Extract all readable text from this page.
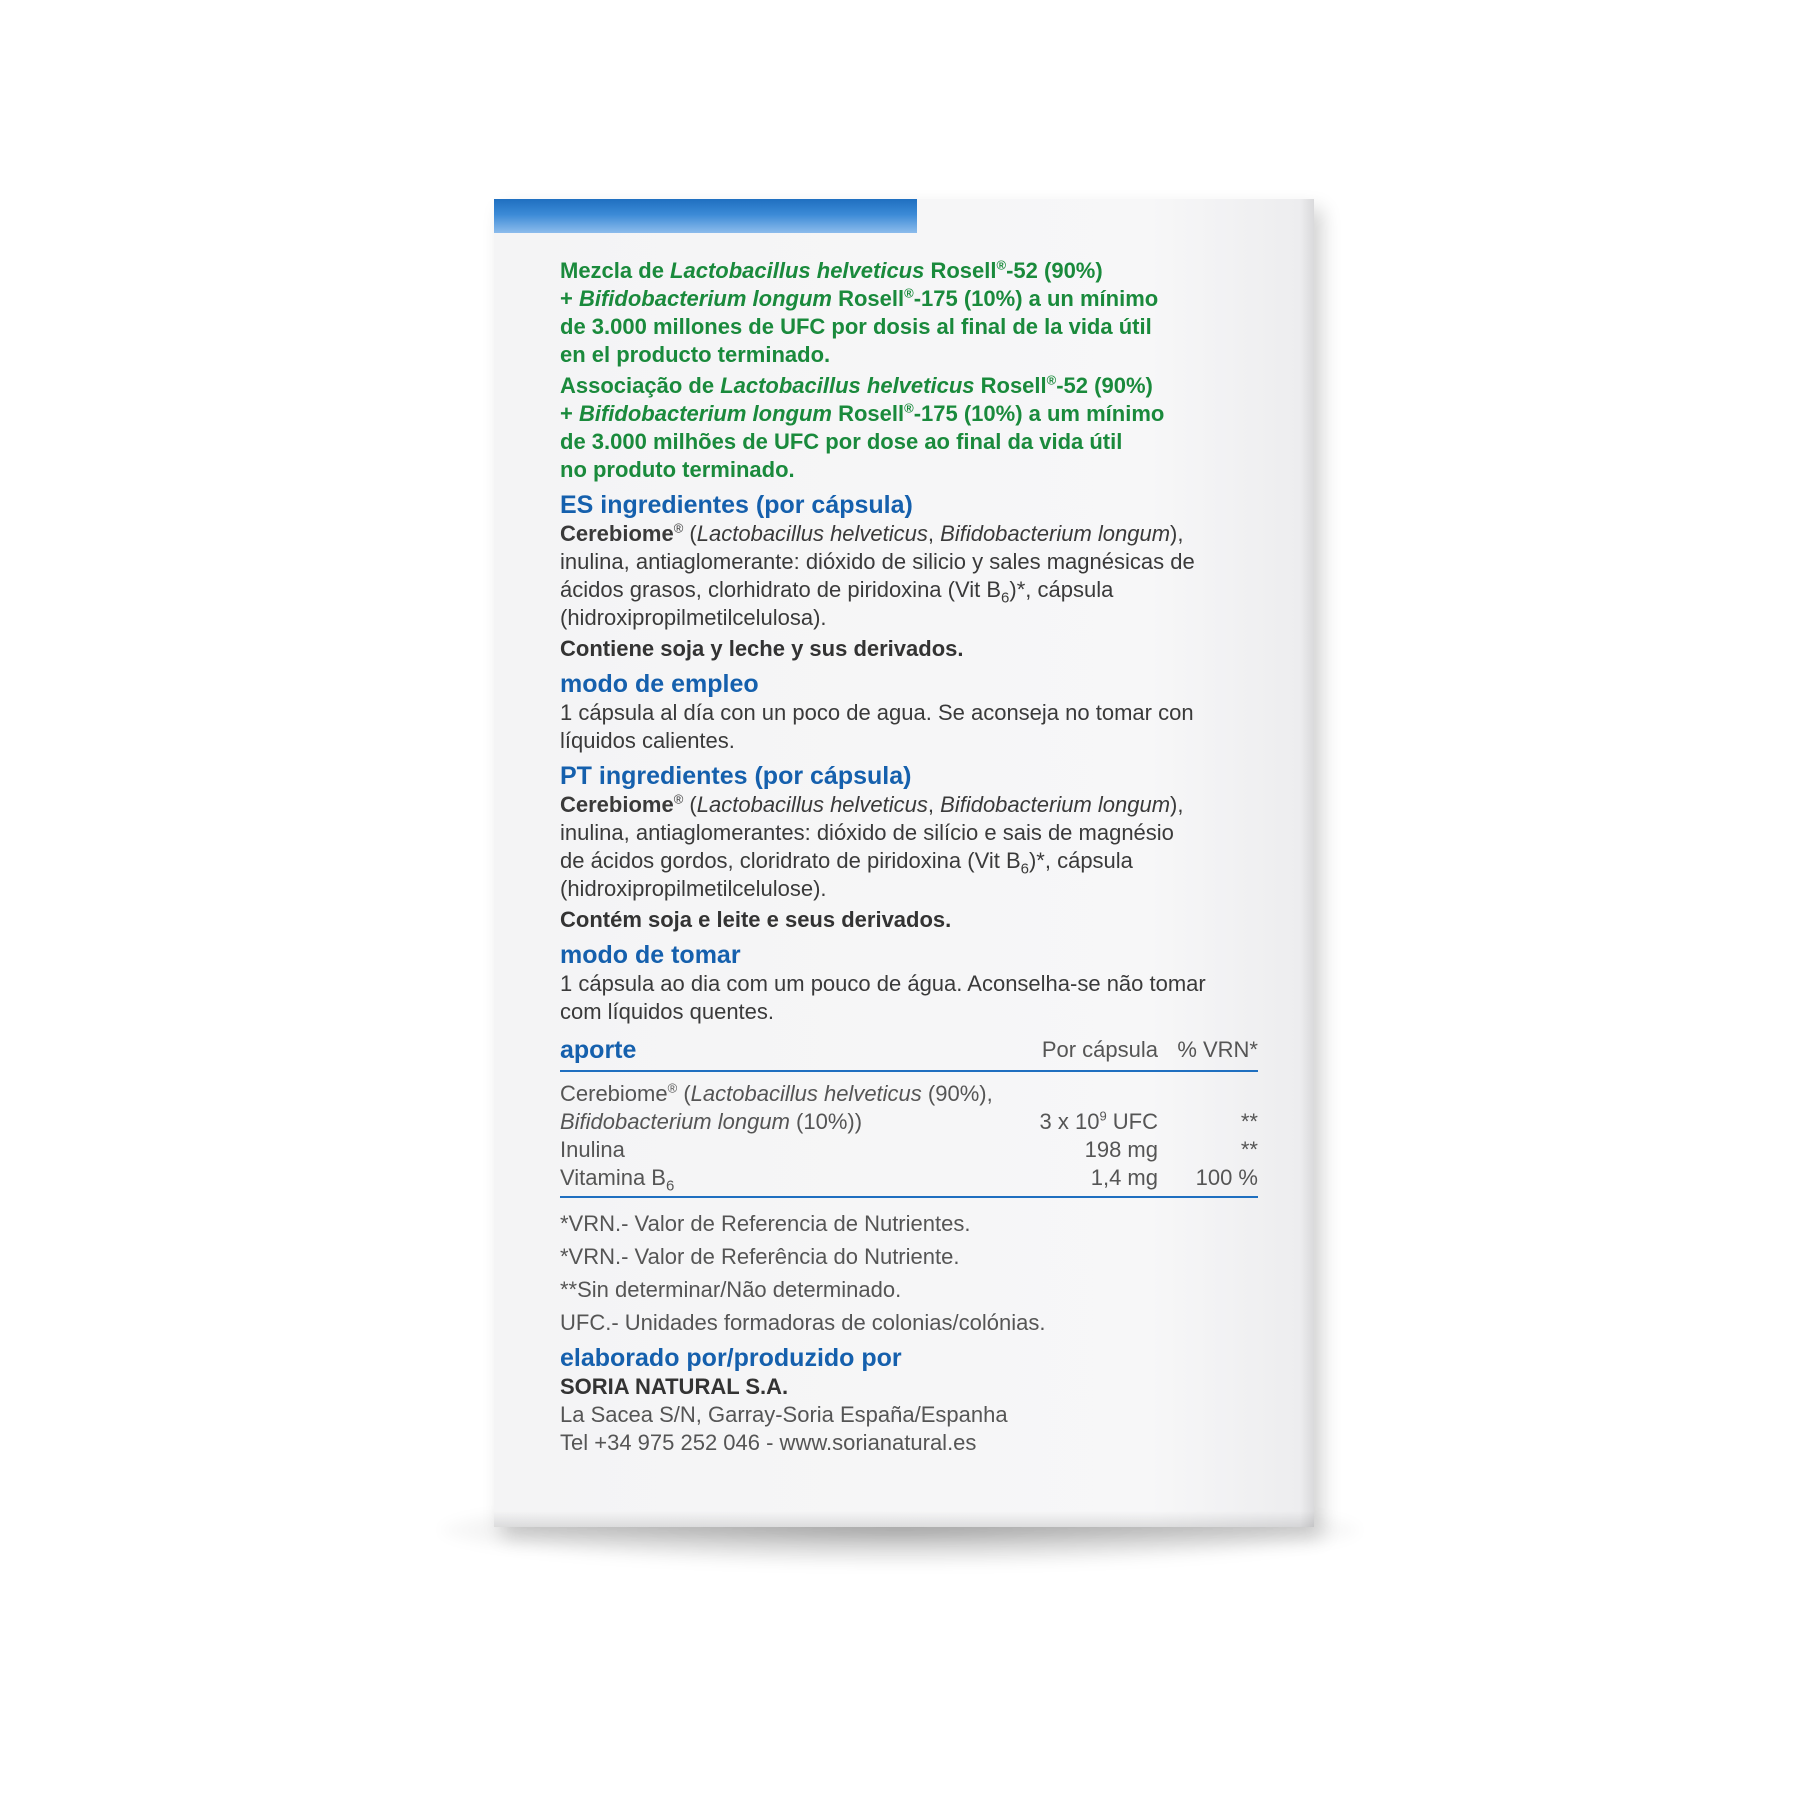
Mezcla de Lactobacillus helveticus Rosell®-52 (90%)
+ Bifidobacterium longum Rosell®-175 (10%) a un mínimo
de 3.000 millones de UFC por dosis al final de la vida útil
en el producto terminado.

Associação de Lactobacillus helveticus Rosell®-52 (90%)
+ Bifidobacterium longum Rosell®-175 (10%) a um mínimo
de 3.000 milhões de UFC por dose ao final da vida útil
no produto terminado.

ES ingredientes (por cápsula)

Cerebiome® (Lactobacillus helveticus, Bifidobacterium longum),
inulina, antiaglomerante: dióxido de silicio y sales magnésicas de
ácidos grasos, clorhidrato de piridoxina (Vit $B_6)*$, cápsula
(hidroxipropilmetilcelulosa).

Contiene soja y leche y sus derivados.
modo de empleo

1 cápsula al día con un poco de agua. Se aconseja no tomar con
líquidos calientes.

PT ingredientes (por cápsula)

Cerebiome® (Lactobacillus helveticus, Bifidobacterium longum),
inulina, antiaglomerantes: dióxido de silício e sais de magnésio
de ácidos gordos, cloridrato de piridoxina (Vit $B_6)*$, cápsula
(hidroxipropilmetilcelulose).

Contém soja e leite e seus derivados.
modo de tomar

1 cápsula ao dia com um pouco de água. Aconselha-se não tomar
com líquidos quentes.

aporte	Por cápsula % VRN*
Cerebiome® (Lactobacillus helveticus (90%),
Bifidobacterium longum (10%))	3 x $10^9$ UFC	**
Inulina	198 mg	**
Vitamina $B_6$	1,4 mg	100 %
*VRN.- Valor de Referencia de Nutrientes.
*VRN.- Valor de Referência do Nutriente.
**Sin determinar/Não determinado.
UFC.- Unidades formadoras de colonias/colónias.
elaborado por/produzido por
SORIA NATURAL S.A.
La Sacea S/N, Garray-Soria España/Espanha
Tel +34 975 252 046 - www.sorianatural.es
